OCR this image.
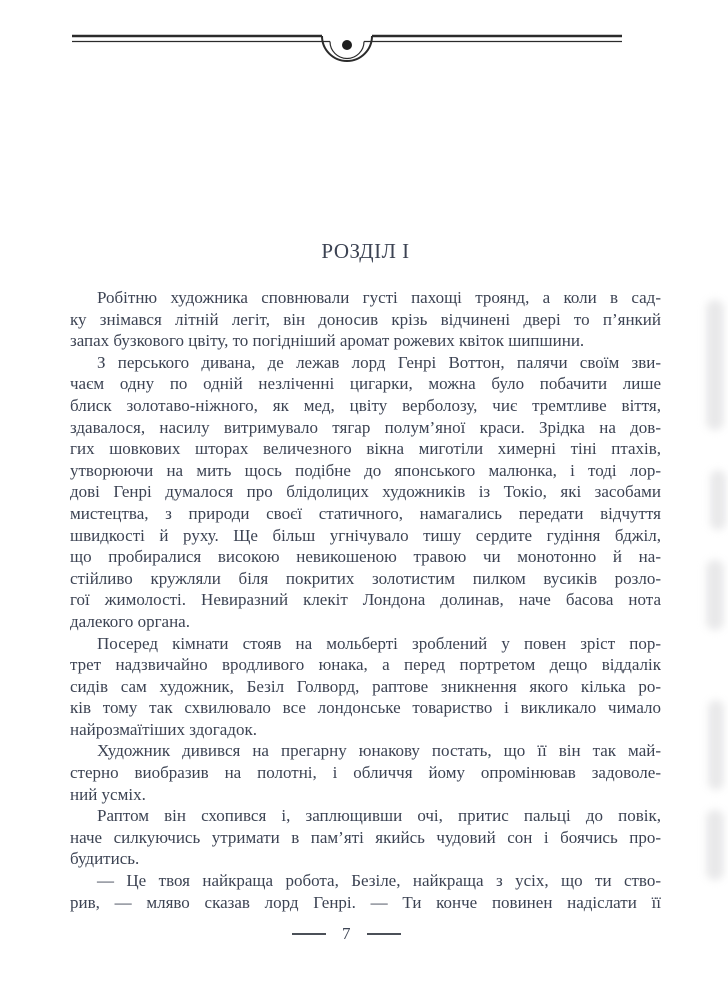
РОЗДІЛ I

Робітню художника сповнювали густі пахощі троянд, а коли в сад-
ку знімався літній легіт, він доносив крізь відчинені двері то п’янкий
запах бузкового цвіту, то погідніший аромат рожевих квіток шипшини.

З перського дивана, де лежав лорд Генрі Воттон, палячи своїм зви-
чаєм одну по одній незліченні цигарки, можна було побачити лише
блиск золотаво-ніжного, як мед, цвіту верболозу, чиє тремтливе віття,
здавалося, насилу витримувало тягар полум’яної краси. Зрідка на дов-
гих шовкових шторах величезного вікна миготіли химерні тіні птахів,
утворюючи на мить щось подібне до японського малюнка, і тоді лор-
дові Генрі думалося про блідолицих художників із Токіо, які засобами
мистецтва, з природи своєї статичного, намагались передати відчуття
швидкості й руху. Ще більш угнічувало тишу сердите гудіння бджіл,
що пробиралися високою невикошеною травою чи монотонно й на-
стійливо кружляли біля покритих золотистим пилком вусиків розло-
гої жимолості. Невиразний клекіт Лондона долинав, наче басова нота
далекого органа.

Посеред кімнати стояв на мольберті зроблений у повен зріст пор-
трет надзвичайно вродливого юнака, а перед портретом дещо віддалік
сидів сам художник, Безіл Голворд, раптове зникнення якого кілька ро-
ків тому так схвилювало все лондонське товариство і викликало чимало
найрозмаїтіших здогадок.

Художник дивився на прегарну юнакову постать, що її він так май-
стерно виобразив на полотні, і обличчя йому опромінював задоволе-
ний усміх.

Раптом він схопився і, заплющивши очі, притис пальці до повік,
наче силкуючись утримати в пам’яті якийсь чудовий сон і боячись про-
будитись.

— Це твоя найкраща робота, Безіле, найкраща з усіх, що ти ство-
рив, — мляво сказав лорд Генрі. — Ти конче повинен надіслати її

7
